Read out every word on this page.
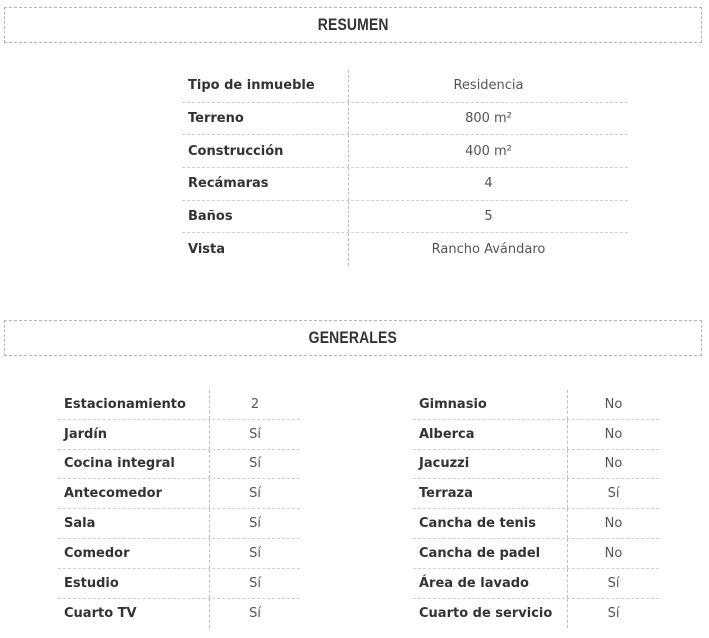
RESUMEN
Tipo de inmueble	Residencia
Terreno	800 m²
Construcción	400 m²
Recámaras	4
Baños	5
Vista	Rancho Avándaro
GENERALES
Estacionamiento	2
Jardín	Sí
Cocina integral	Sí
Antecomedor	Sí
Sala	Sí
Comedor	Sí
Estudio	Sí
Cuarto TV	Sí
Gimnasio	No
Alberca	No
Jacuzzi	No
Terraza	Sí
Cancha de tenis	No
Cancha de padel	No
Área de lavado	Sí
Cuarto de servicio	Sí
